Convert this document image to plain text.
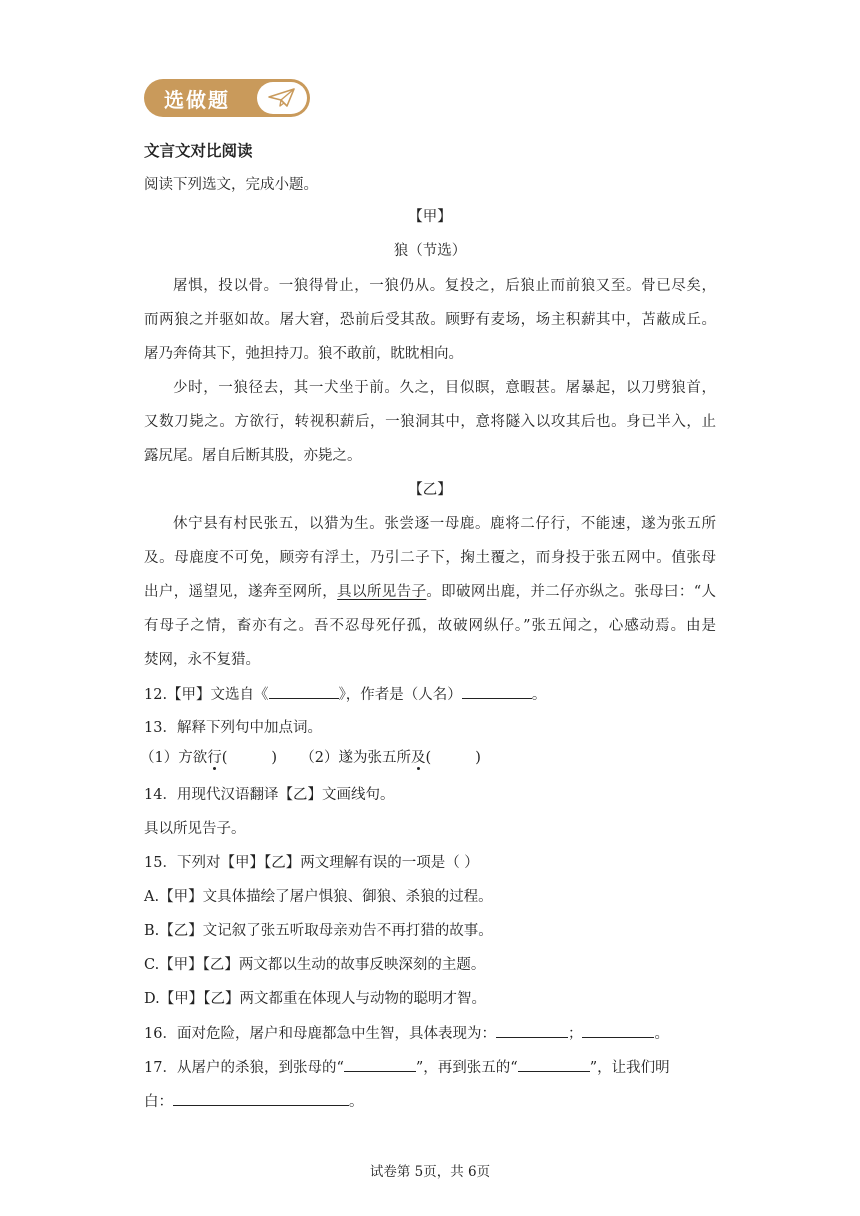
选做题
文言文对比阅读
阅读下列选文，完成小题。
【甲】
狼（节选）
屠惧，投以骨。一狼得骨止，一狼仍从。复投之，后狼止而前狼又至。骨已尽矣，
而两狼之并驱如故。屠大窘，恐前后受其敌。顾野有麦场，场主积薪其中，苫蔽成丘。
屠乃奔倚其下，弛担持刀。狼不敢前，眈眈相向。
少时，一狼径去，其一犬坐于前。久之，目似瞑，意暇甚。屠暴起，以刀劈狼首，
又数刀毙之。方欲行，转视积薪后，一狼洞其中，意将隧入以攻其后也。身已半入，止
露尻尾。屠自后断其股，亦毙之。
【乙】
休宁县有村民张五，以猎为生。张尝逐一母鹿。鹿将二仔行，不能速，遂为张五所
及。母鹿度不可免，顾旁有浮土，乃引二子下，掬土覆之，而身投于张五网中。值张母
出户，遥望见，遂奔至网所，具以所见告子。即破网出鹿，并二仔亦纵之。张母曰：“人
有母子之情，畜亦有之。吾不忍母死仔孤，故破网纵仔。”张五闻之，心感动焉。由是
焚网，永不复猎。
12.【甲】文选自《	》，作者是（人名）	。
13．解释下列句中加点词。
（1）方欲行(	) （2）遂为张五所及(	)
14．用现代汉语翻译【乙】文画线句。
具以所见告子。
15．下列对【甲】【乙】两文理解有误的一项是（ ）
A.【甲】文具体描绘了屠户惧狼、御狼、杀狼的过程。
B.【乙】文记叙了张五听取母亲劝告不再打猎的故事。
C.【甲】【乙】两文都以生动的故事反映深刻的主题。
D.【甲】【乙】两文都重在体现人与动物的聪明才智。
16．面对危险，屠户和母鹿都急中生智，具体表现为：	；	。
17．从屠户的杀狼，到张母的“	”，再到张五的“	”，让我们明
白：	。
试卷第 5页，共 6页
